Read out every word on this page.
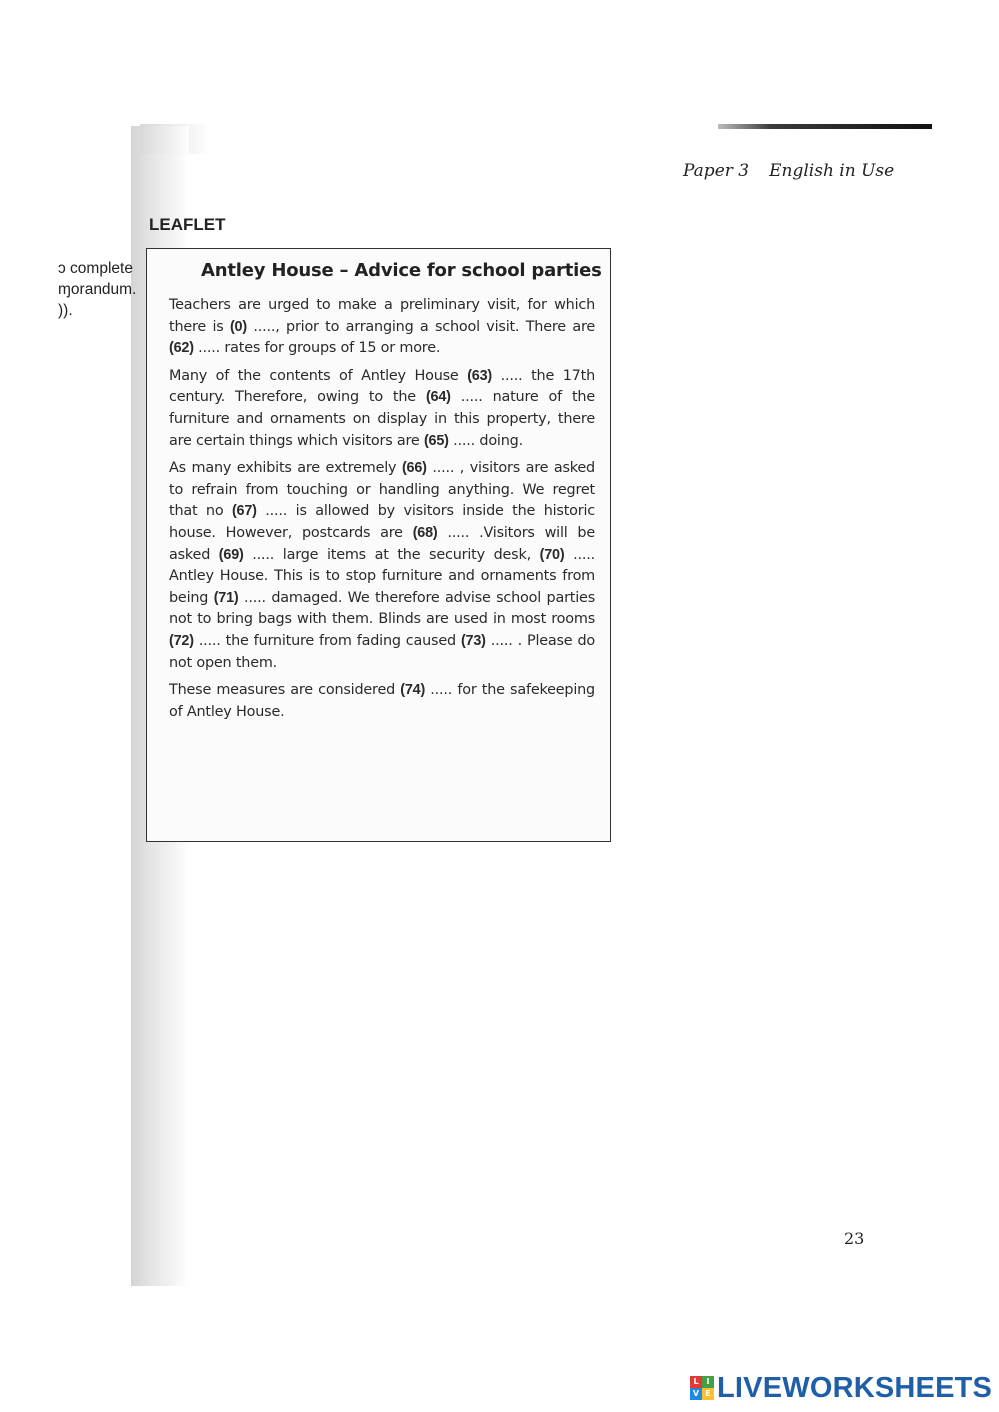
Paper 3 English in Use
LEAFLET
ɔ complete
ɱorandum.
)).
Antley House – Advice for school parties

Teachers are urged to make a preliminary visit, for which there is (0) ....., prior to arranging a school visit. There are (62) ..... rates for groups of 15 or more.

Many of the contents of Antley House (63) ..... the 17th century. Therefore, owing to the (64) ..... nature of the furniture and ornaments on display in this property, there are certain things which visitors are (65) ..... doing.

As many exhibits are extremely (66) ..... , visitors are asked to refrain from touching or handling anything. We regret that no (67) ..... is allowed by visitors inside the historic house. However, postcards are (68) ..... .Visitors will be asked (69) ..... large items at the security desk, (70) ..... Antley House. This is to stop furniture and ornaments from being (71) ..... damaged. We therefore advise school parties not to bring bags with them. Blinds are used in most rooms (72) ..... the furniture from fading caused (73) ..... . Please do not open them.

These measures are considered (74) ..... for the safekeeping of Antley House.

23
L I
V E LIVEWORKSHEETS
